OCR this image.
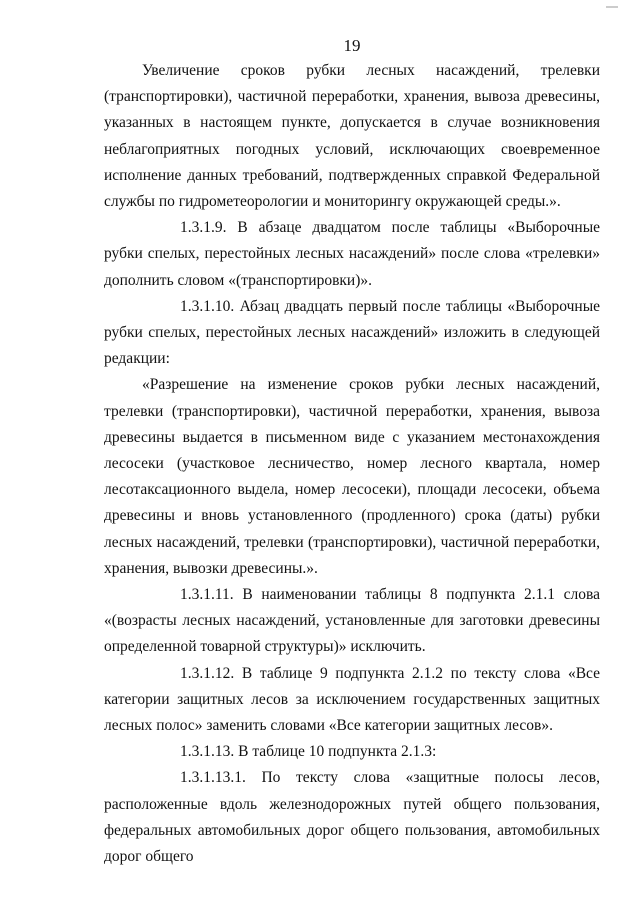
19

Увеличение сроков рубки лесных насаждений, трелевки (транспортировки), частичной переработки, хранения, вывоза древесины, указанных в настоящем пункте, допускается в случае возникновения неблагоприятных погодных условий, исключающих своевременное исполнение данных требований, подтвержденных справкой Федеральной службы по гидрометеорологии и мониторингу окружающей среды.».

1.3.1.9. В абзаце двадцатом после таблицы «Выборочные рубки спелых, перестойных лесных насаждений» после слова «трелевки» дополнить словом «(транспортировки)».

1.3.1.10. Абзац двадцать первый после таблицы «Выборочные рубки спелых, перестойных лесных насаждений» изложить в следующей редакции:

«Разрешение на изменение сроков рубки лесных насаждений, трелевки (транспортировки), частичной переработки, хранения, вывоза древесины выдается в письменном виде с указанием местонахождения лесосеки (участковое лесничество, номер лесного квартала, номер лесотаксационного выдела, номер лесосеки), площади лесосеки, объема древесины и вновь установленного (продленного) срока (даты) рубки лесных насаждений, трелевки (транспортировки), частичной переработки, хранения, вывозки древесины.».

1.3.1.11. В наименовании таблицы 8 подпункта 2.1.1 слова «(возрасты лесных насаждений, установленные для заготовки древесины определенной товарной структуры)» исключить.

1.3.1.12. В таблице 9 подпункта 2.1.2 по тексту слова «Все категории защитных лесов за исключением государственных защитных лесных полос» заменить словами «Все категории защитных лесов».

1.3.1.13. В таблице 10 подпункта 2.1.3:

1.3.1.13.1. По тексту слова «защитные полосы лесов, расположенные вдоль железнодорожных путей общего пользования, федеральных автомобильных дорог общего пользования, автомобильных дорог общего
